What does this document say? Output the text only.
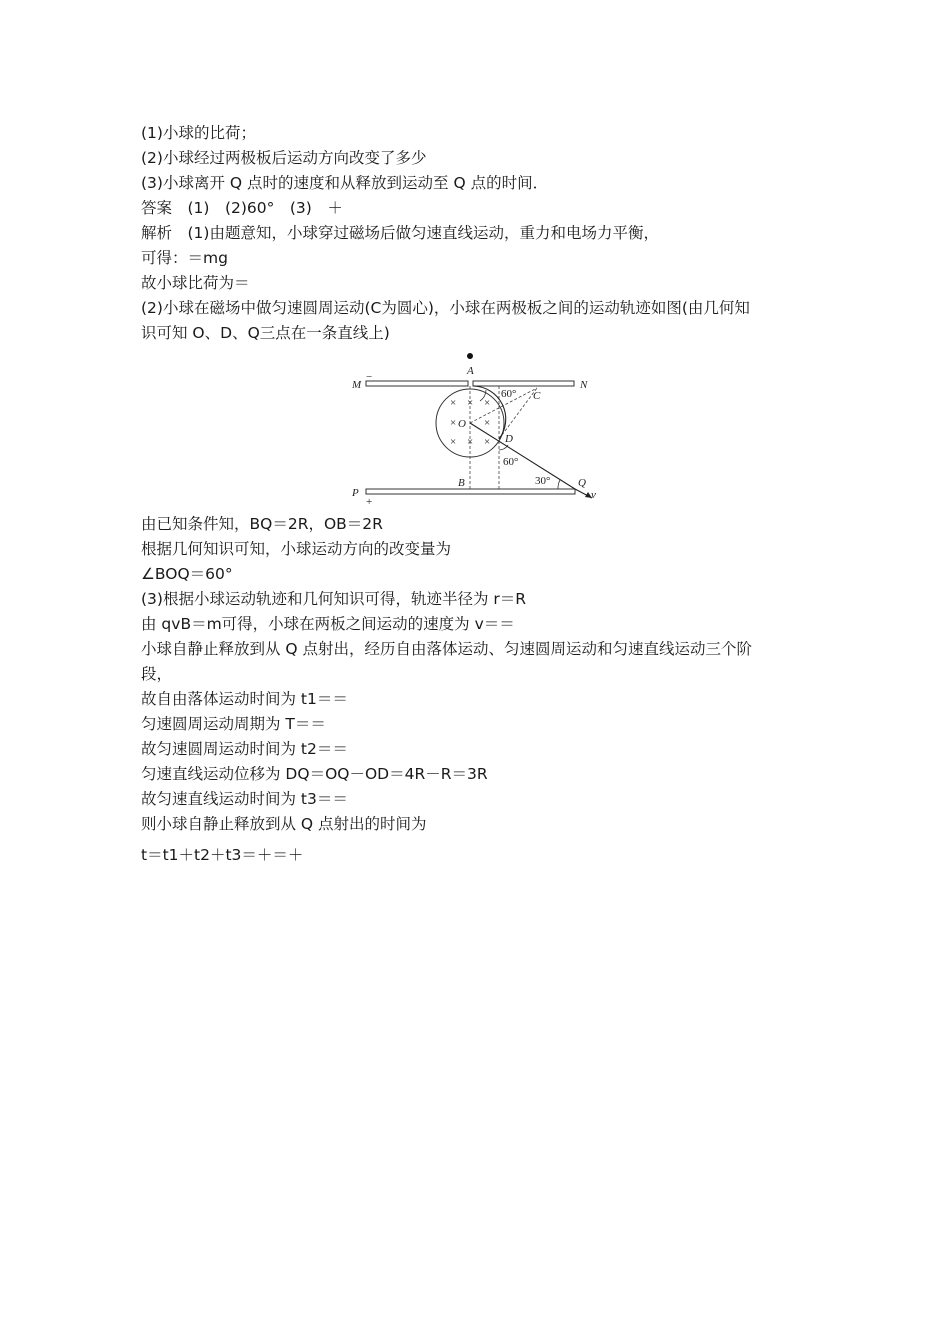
(1)小球的比荷；
(2)小球经过两极板后运动方向改变了多少
(3)小球离开 Q 点时的速度和从释放到运动至 Q 点的时间．
答案　(1)　(2)60°　(3)　＋
解析　(1)由题意知，小球穿过磁场后做匀速直线运动，重力和电场力平衡，
可得：＝mg
故小球比荷为＝
(2)小球在磁场中做匀速圆周运动(C为圆心)，小球在两极板之间的运动轨迹如图(由几何知
识可知 O、D、Q三点在一条直线上)
由已知条件知，BQ＝2R，OB＝2R
根据几何知识可知，小球运动方向的改变量为
∠BOQ＝60°
(3)根据小球运动轨迹和几何知识可得，轨迹半径为 r＝R
由 qvB＝m可得，小球在两板之间运动的速度为 v＝＝
小球自静止释放到从 Q 点射出，经历自由落体运动、匀速圆周运动和匀速直线运动三个阶
段，
故自由落体运动时间为 t1＝＝
匀速圆周运动周期为 T＝＝
故匀速圆周运动时间为 t2＝＝
匀速直线运动位移为 DQ＝OQ－OD＝4R－R＝3R
故匀速直线运动时间为 t3＝＝
则小球自静止释放到从 Q 点射出的时间为
t＝t1＋t2＋t3＝＋＝＋
× × ×
×	×
× × ×
A
M	N
P
Q
B
C
D
O
v
−
+
60°
60°
30°
